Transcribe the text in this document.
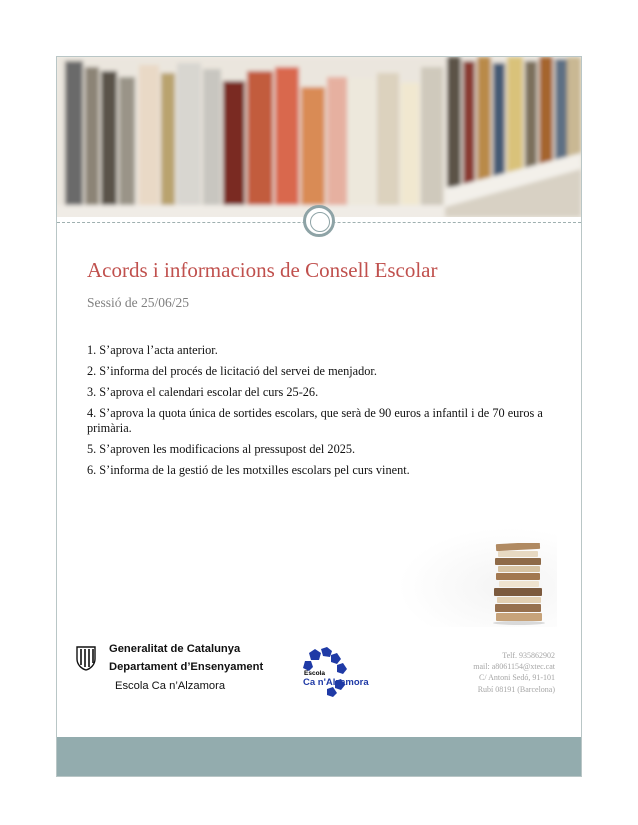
Acords i informacions de Consell Escolar
Sessió de 25/06/25
1. S’aprova l’acta anterior.
2. S’informa del procés de licitació del servei de menjador.
3. S’aprova el calendari escolar del curs 25-26.
4. S’aprova la quota única de sortides escolars, que serà de 90 euros a infantil i de 70 euros a primària.
5. S’aproven les modificacions al pressupost del 2025.
6. S’informa de la gestió de les motxilles escolars pel curs vinent.
Generalitat de Catalunya
Departament d’Ensenyament
Escola Ca n’Alzamora
Escola
Ca n'Alzamora
Telf. 935862902
mail: a8061154@xtec.cat
C/ Antoni Sedó, 91-101
Rubí 08191 (Barcelona)
